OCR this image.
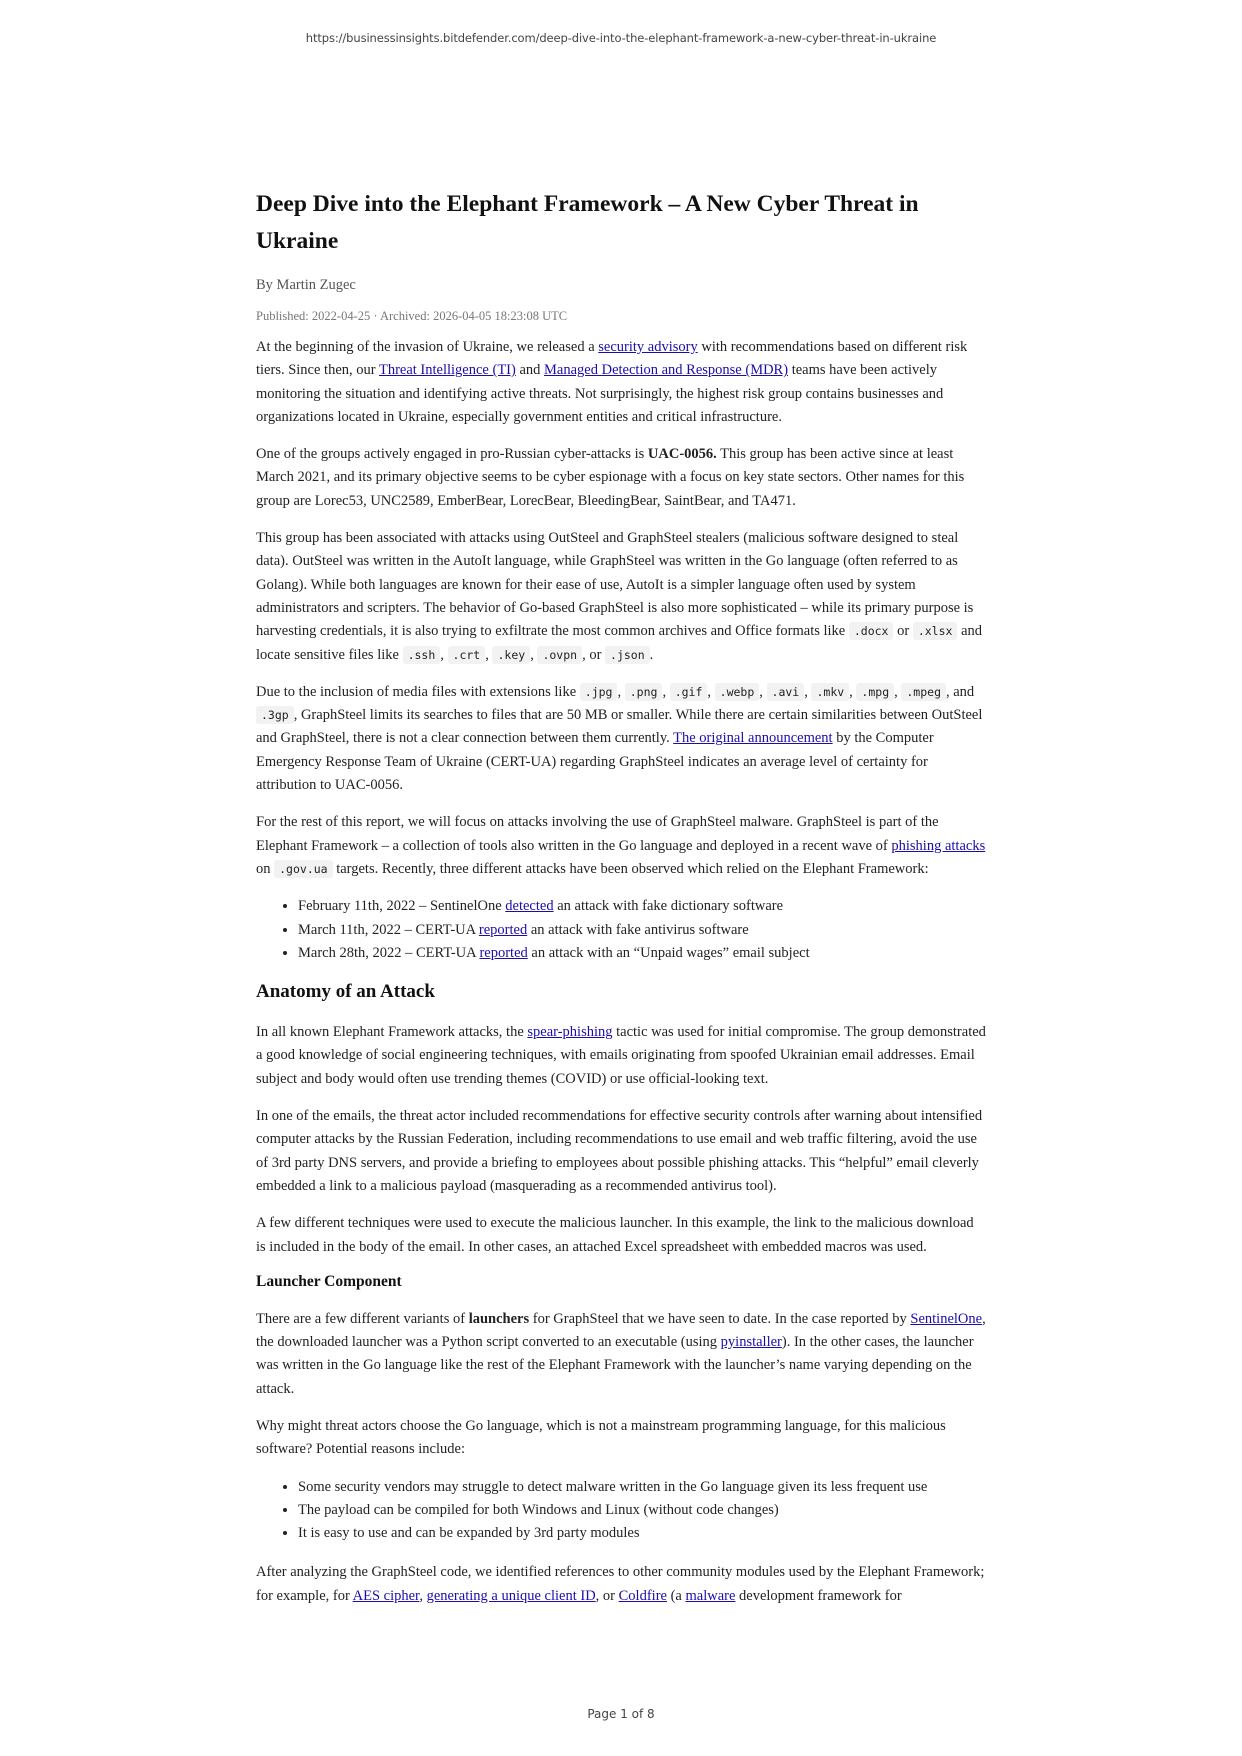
https://businessinsights.bitdefender.com/deep-dive-into-the-elephant-framework-a-new-cyber-threat-in-ukraine
Deep Dive into the Elephant Framework – A New Cyber Threat in Ukraine
By Martin Zugec
Published: 2022-04-25 · Archived: 2026-04-05 18:23:08 UTC

At the beginning of the invasion of Ukraine, we released a security advisory with recommendations based on different risk tiers. Since then, our Threat Intelligence (TI) and Managed Detection and Response (MDR) teams have been actively monitoring the situation and identifying active threats. Not surprisingly, the highest risk group contains businesses and organizations located in Ukraine, especially government entities and critical infrastructure.

One of the groups actively engaged in pro-Russian cyber-attacks is UAC-0056. This group has been active since at least March 2021, and its primary objective seems to be cyber espionage with a focus on key state sectors. Other names for this group are Lorec53, UNC2589, EmberBear, LorecBear, BleedingBear, SaintBear, and TA471.

This group has been associated with attacks using OutSteel and GraphSteel stealers (malicious software designed to steal data). OutSteel was written in the AutoIt language, while GraphSteel was written in the Go language (often referred to as Golang). While both languages are known for their ease of use, AutoIt is a simpler language often used by system administrators and scripters. The behavior of Go-based GraphSteel is also more sophisticated – while its primary purpose is harvesting credentials, it is also trying to exfiltrate the most common archives and Office formats like .docx or .xlsx and locate sensitive files like .ssh , .crt , .key , .ovpn , or .json .

Due to the inclusion of media files with extensions like .jpg , .png , .gif , .webp , .avi , .mkv , .mpg , .mpeg , and .3gp , GraphSteel limits its searches to files that are 50 MB or smaller. While there are certain similarities between OutSteel and GraphSteel, there is not a clear connection between them currently. The original announcement by the Computer Emergency Response Team of Ukraine (CERT-UA) regarding GraphSteel indicates an average level of certainty for attribution to UAC-0056.

For the rest of this report, we will focus on attacks involving the use of GraphSteel malware. GraphSteel is part of the Elephant Framework – a collection of tools also written in the Go language and deployed in a recent wave of phishing attacks on .gov.ua targets. Recently, three different attacks have been observed which relied on the Elephant Framework:

• February 11th, 2022 – SentinelOne detected an attack with fake dictionary software
• March 11th, 2022 – CERT-UA reported an attack with fake antivirus software
• March 28th, 2022 – CERT-UA reported an attack with an “Unpaid wages” email subject
Anatomy of an Attack

In all known Elephant Framework attacks, the spear-phishing tactic was used for initial compromise. The group demonstrated a good knowledge of social engineering techniques, with emails originating from spoofed Ukrainian email addresses. Email subject and body would often use trending themes (COVID) or use official-looking text.

In one of the emails, the threat actor included recommendations for effective security controls after warning about intensified computer attacks by the Russian Federation, including recommendations to use email and web traffic filtering, avoid the use of 3rd party DNS servers, and provide a briefing to employees about possible phishing attacks. This “helpful” email cleverly embedded a link to a malicious payload (masquerading as a recommended antivirus tool).

A few different techniques were used to execute the malicious launcher. In this example, the link to the malicious download is included in the body of the email. In other cases, an attached Excel spreadsheet with embedded macros was used.

Launcher Component

There are a few different variants of launchers for GraphSteel that we have seen to date. In the case reported by SentinelOne, the downloaded launcher was a Python script converted to an executable (using pyinstaller). In the other cases, the launcher was written in the Go language like the rest of the Elephant Framework with the launcher’s name varying depending on the attack.

Why might threat actors choose the Go language, which is not a mainstream programming language, for this malicious software? Potential reasons include:

• Some security vendors may struggle to detect malware written in the Go language given its less frequent use
• The payload can be compiled for both Windows and Linux (without code changes)
• It is easy to use and can be expanded by 3rd party modules

After analyzing the GraphSteel code, we identified references to other community modules used by the Elephant Framework; for example, for AES cipher, generating a unique client ID, or Coldfire (a malware development framework for

Page 1 of 8
